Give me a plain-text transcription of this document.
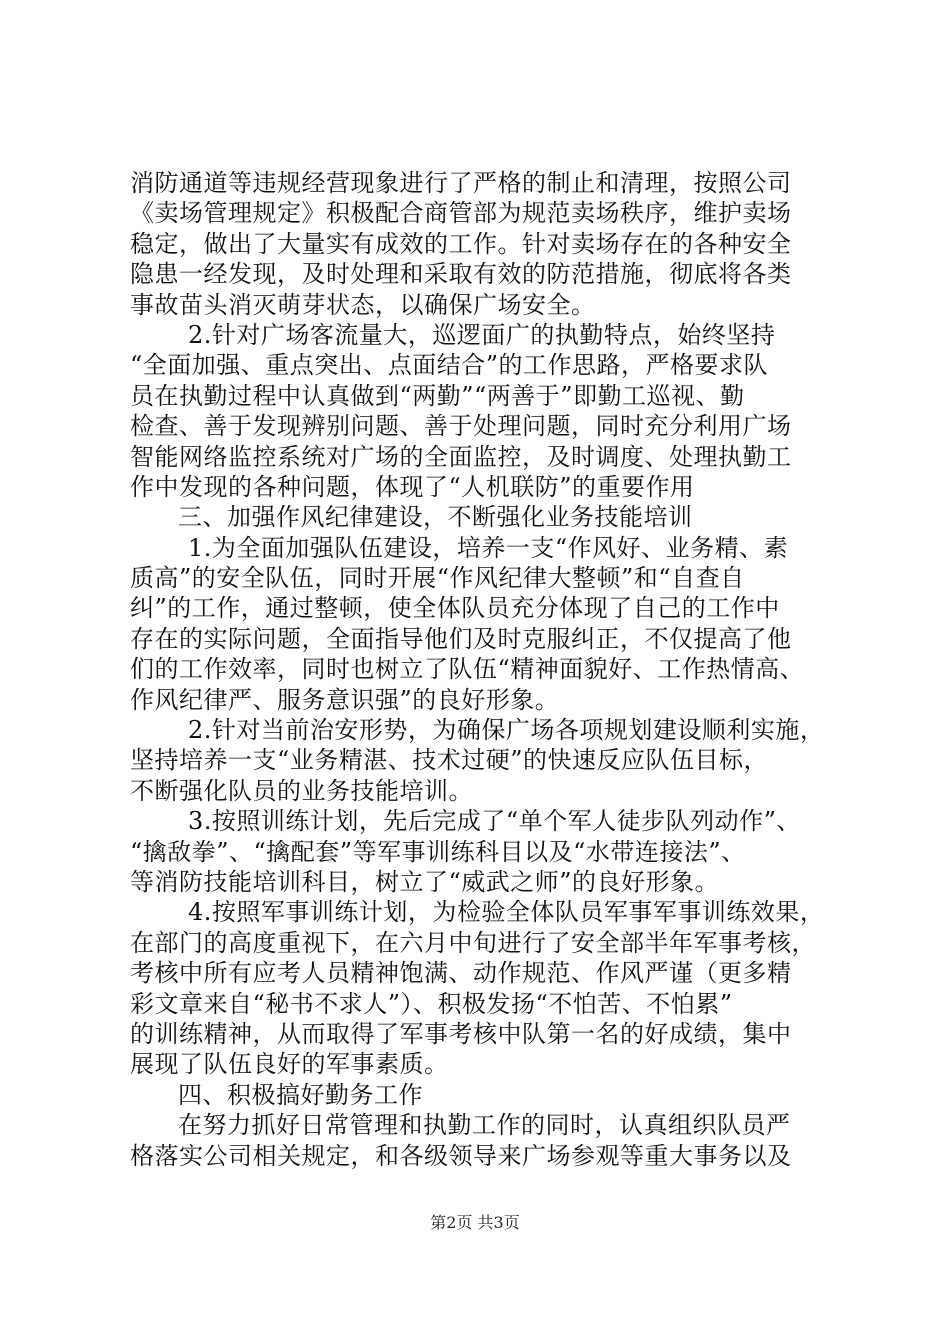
消防通道等违规经营现象进行了严格的制止和清理，按照公司
《卖场管理规定》积极配合商管部为规范卖场秩序，维护卖场
稳定，做出了大量实有成效的工作。针对卖场存在的各种安全
隐患一经发现，及时处理和采取有效的防范措施，彻底将各类
事故苗头消灭萌芽状态，以确保广场安全。
2.针对广场客流量大，巡逻面广的执勤特点，始终坚持
“全面加强、重点突出、点面结合”的工作思路，严格要求队
员在执勤过程中认真做到“两勤”“两善于”即勤工巡视、勤
检查、善于发现辨别问题、善于处理问题，同时充分利用广场
智能网络监控系统对广场的全面监控，及时调度、处理执勤工
作中发现的各种问题，体现了“人机联防”的重要作用
三、加强作风纪律建设，不断强化业务技能培训
1.为全面加强队伍建设，培养一支“作风好、业务精、素
质高”的安全队伍，同时开展“作风纪律大整顿”和“自查自
纠”的工作，通过整顿，使全体队员充分体现了自己的工作中
存在的实际问题，全面指导他们及时克服纠正，不仅提高了他
们的工作效率，同时也树立了队伍“精神面貌好、工作热情高、
作风纪律严、服务意识强”的良好形象。
2.针对当前治安形势，为确保广场各项规划建设顺利实施，
坚持培养一支“业务精湛、技术过硬”的快速反应队伍目标，
不断强化队员的业务技能培训。
3.按照训练计划，先后完成了“单个军人徒步队列动作”、
“擒敌拳”、“擒配套”等军事训练科目以及“水带连接法”、
等消防技能培训科目，树立了“威武之师”的良好形象。
4.按照军事训练计划，为检验全体队员军事军事训练效果，
在部门的高度重视下，在六月中旬进行了安全部半年军事考核，
考核中所有应考人员精神饱满、动作规范、作风严谨（更多精
彩文章来自“秘书不求人”）、积极发扬“不怕苦、不怕累”
的训练精神，从而取得了军事考核中队第一名的好成绩，集中
展现了队伍良好的军事素质。
四、积极搞好勤务工作
在努力抓好日常管理和执勤工作的同时，认真组织队员严
格落实公司相关规定，和各级领导来广场参观等重大事务以及
第2页 共3页
